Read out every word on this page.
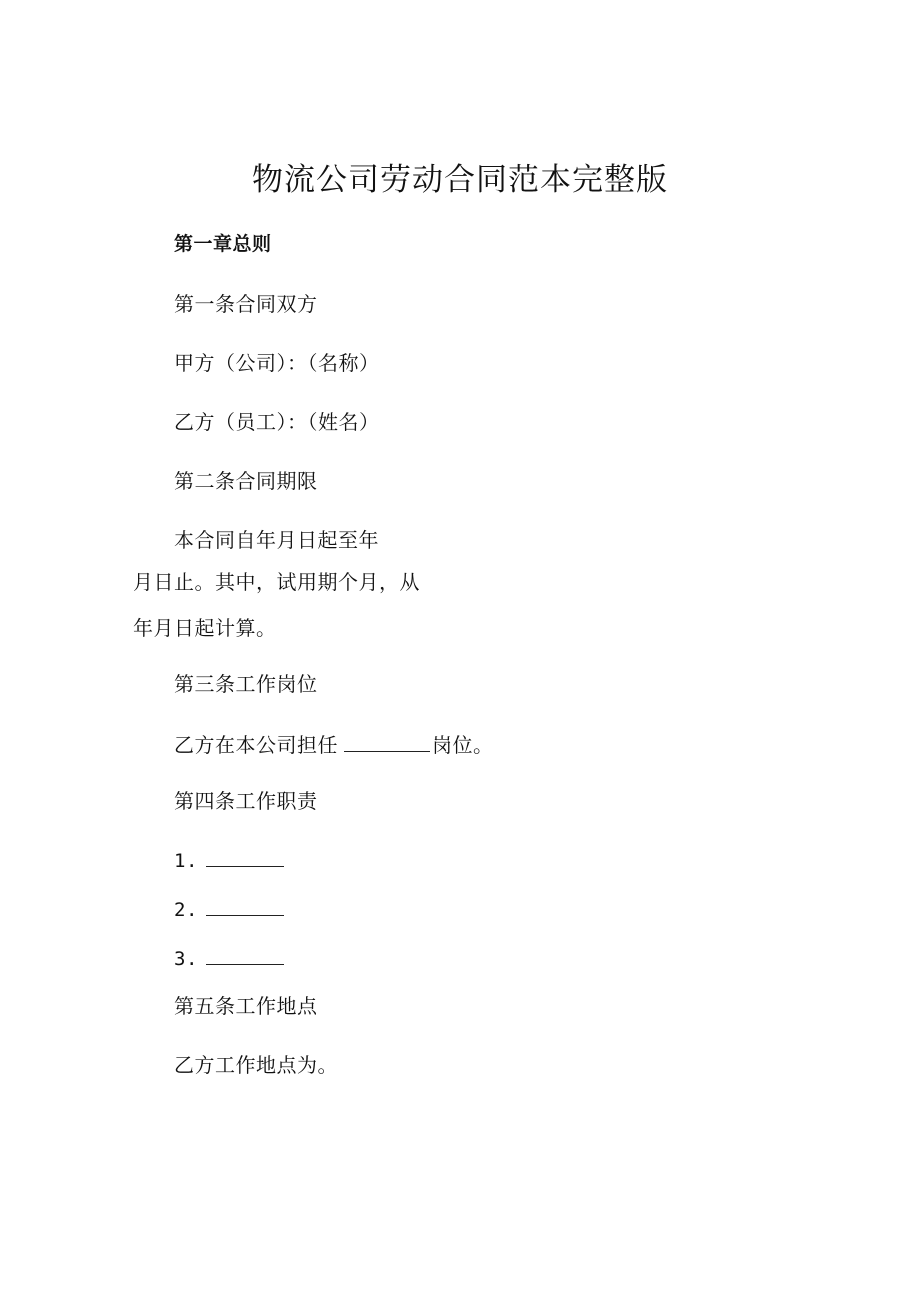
物流公司劳动合同范本完整版
第一章总则
第一条合同双方
甲方（公司）：（名称）
乙方（员工）：（姓名）
第二条合同期限
本合同自年月日起至年
月日止。其中，试用期个月，从
年月日起计算。
第三条工作岗位
乙方在本公司担任	岗位。
第四条工作职责
1.
2.
3.
第五条工作地点
乙方工作地点为。
